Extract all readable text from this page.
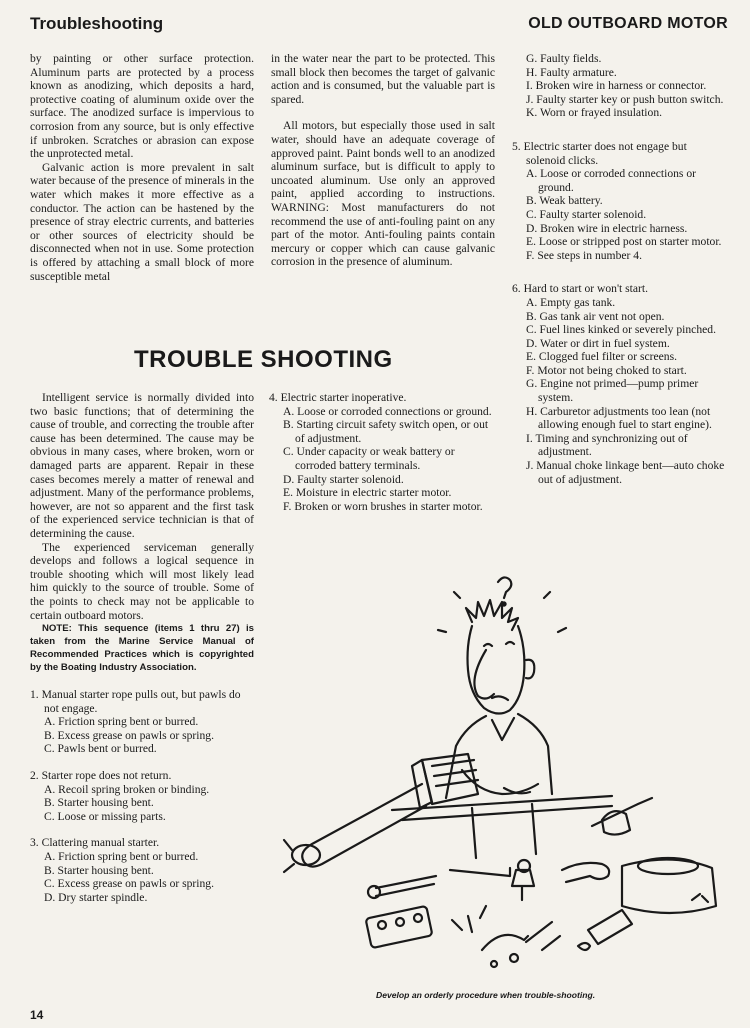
Troubleshooting	OLD OUTBOARD MOTOR

by painting or other surface protection. Aluminum parts are protected by a process known as anodizing, which deposits a hard, protective coating of aluminum oxide over the surface. The anodized surface is impervious to corrosion from any source, but is only effective if unbroken. Scratches or abrasion can expose the unprotected metal.

Galvanic action is more prevalent in salt water because of the presence of minerals in the water which makes it more effective as a conductor. The action can be hastened by the presence of stray electric currents, and batteries or other sources of electricity should be disconnected when not in use. Some protection is offered by attaching a small block of more susceptible metal

in the water near the part to be protected. This small block then becomes the target of galvanic action and is consumed, but the valuable part is spared.

All motors, but especially those used in salt water, should have an adequate coverage of approved paint. Paint bonds well to an anodized aluminum surface, but is difficult to apply to uncoated aluminum. Use only an approved paint, applied according to instructions. WARNING: Most manufacturers do not recommend the use of anti-fouling paint on any part of the motor. Anti-fouling paints contain mercury or copper which can cause galvanic corrosion in the presence of aluminum.

G. Faulty fields.
H. Faulty armature.
I. Broken wire in harness or connector.
J. Faulty starter key or push button switch.
K. Worn or frayed insulation.
5. Electric starter does not engage but solenoid clicks.
A. Loose or corroded connections or ground.
B. Weak battery.
C. Faulty starter solenoid.
D. Broken wire in electric harness.
E. Loose or stripped post on starter motor.
F. See steps in number 4.
6. Hard to start or won't start.
A. Empty gas tank.
B. Gas tank air vent not open.
C. Fuel lines kinked or severely pinched.
D. Water or dirt in fuel system.
E. Clogged fuel filter or screens.
F. Motor not being choked to start.
G. Engine not primed—pump primer system.
H. Carburetor adjustments too lean (not allowing enough fuel to start engine).
I. Timing and synchronizing out of adjustment.
J. Manual choke linkage bent—auto choke out of adjustment.
TROUBLE SHOOTING

Intelligent service is normally divided into two basic functions; that of determining the cause of trouble, and correcting the trouble after cause has been determined. The cause may be obvious in many cases, where broken, worn or damaged parts are apparent. Repair in these cases becomes merely a matter of renewal and adjustment. Many of the performance problems, however, are not so apparent and the first task of the experienced service technician is that of determining the cause.

The experienced serviceman generally develops and follows a logical sequence in trouble shooting which will most likely lead him quickly to the source of trouble. Some of the points to check may not be applicable to certain outboard motors.

NOTE: This sequence (items 1 thru 27) is taken from the Marine Service Manual of Recommended Practices which is copyrighted by the Boating Industry Association.

1. Manual starter rope pulls out, but pawls do not engage.
A. Friction spring bent or burred.
B. Excess grease on pawls or spring.
C. Pawls bent or burred.
2. Starter rope does not return.
A. Recoil spring broken or binding.
B. Starter housing bent.
C. Loose or missing parts.
3. Clattering manual starter.
A. Friction spring bent or burred.
B. Starter housing bent.
C. Excess grease on pawls or spring.
D. Dry starter spindle.
4. Electric starter inoperative.
A. Loose or corroded connections or ground.
B. Starting circuit safety switch open, or out of adjustment.
C. Under capacity or weak battery or corroded battery terminals.
D. Faulty starter solenoid.
E. Moisture in electric starter motor.
F. Broken or worn brushes in starter motor.
Develop an orderly procedure when trouble-shooting.
14
